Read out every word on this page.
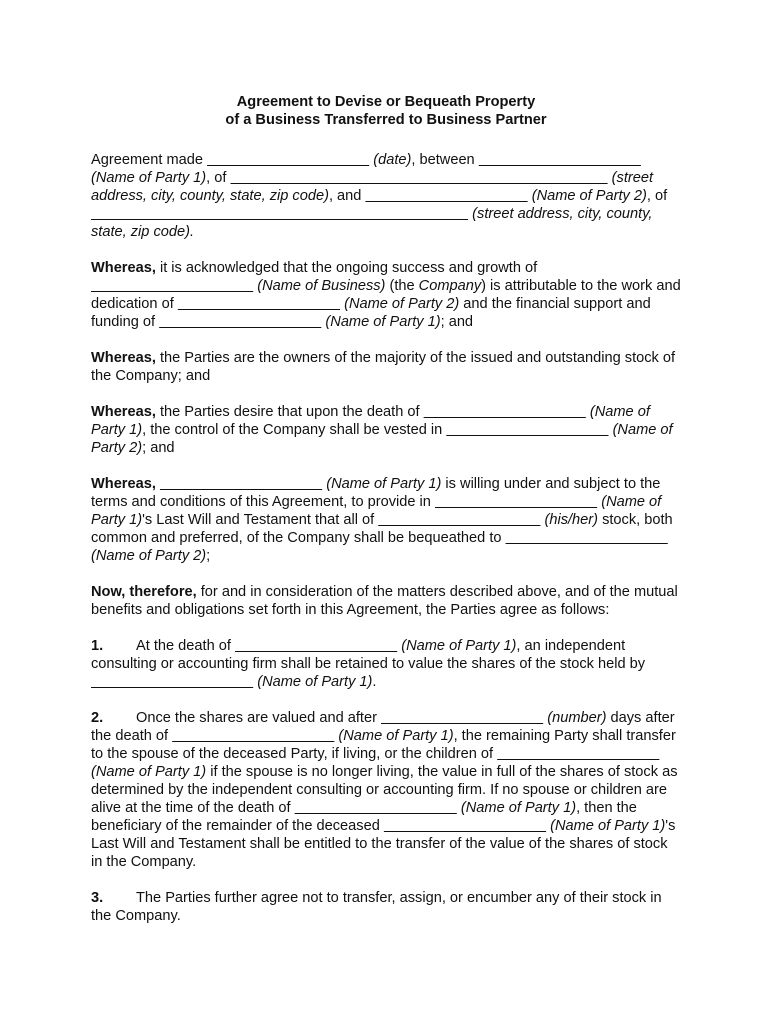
Agreement to Devise or Bequeath Property
of a Business Transferred to Business Partner

Agreement made	(date), between                                          (Name of Party 1), of	(street address, city, county, state, zip code), and	(Name of Party 2), of                                                                                               (street address, city, county, state, zip code).

Whereas, it is acknowledged that the ongoing success and growth of                                          (Name of Business) (the Company) is attributable to the work and dedication of	(Name of Party 2) and the financial support and funding of	(Name of Party 1); and

Whereas, the Parties are the owners of the majority of the issued and outstanding stock of the Company; and

Whereas, the Parties desire that upon the death of	(Name of Party 1), the control of the Company shall be vested in	(Name of Party 2); and

Whereas,	(Name of Party 1) is willing under and subject to the terms and conditions of this Agreement, to provide in	(Name of Party 1)'s Last Will and Testament that all of	(his/her) stock, both common and preferred, of the Company shall be bequeathed to                                          (Name of Party 2);

Now, therefore, for and in consideration of the matters described above, and of the mutual benefits and obligations set forth in this Agreement, the Parties agree as follows:

1. At the death of	(Name of Party 1), an independent consulting or accounting firm shall be retained to value the shares of the stock held by                                          (Name of Party 1).

2. Once the shares are valued and after	(number) days after the death of	(Name of Party 1), the remaining Party shall transfer to the spouse of the deceased Party, if living, or the children of                                          (Name of Party 1) if the spouse is no longer living, the value in full of the shares of stock as determined by the independent consulting or accounting firm. If no spouse or children are alive at the time of the death of	(Name of Party 1), then the beneficiary of the remainder of the deceased	(Name of Party 1)'s Last Will and Testament shall be entitled to the transfer of the value of the shares of stock in the Company.

3. The Parties further agree not to transfer, assign, or encumber any of their stock in the Company.
